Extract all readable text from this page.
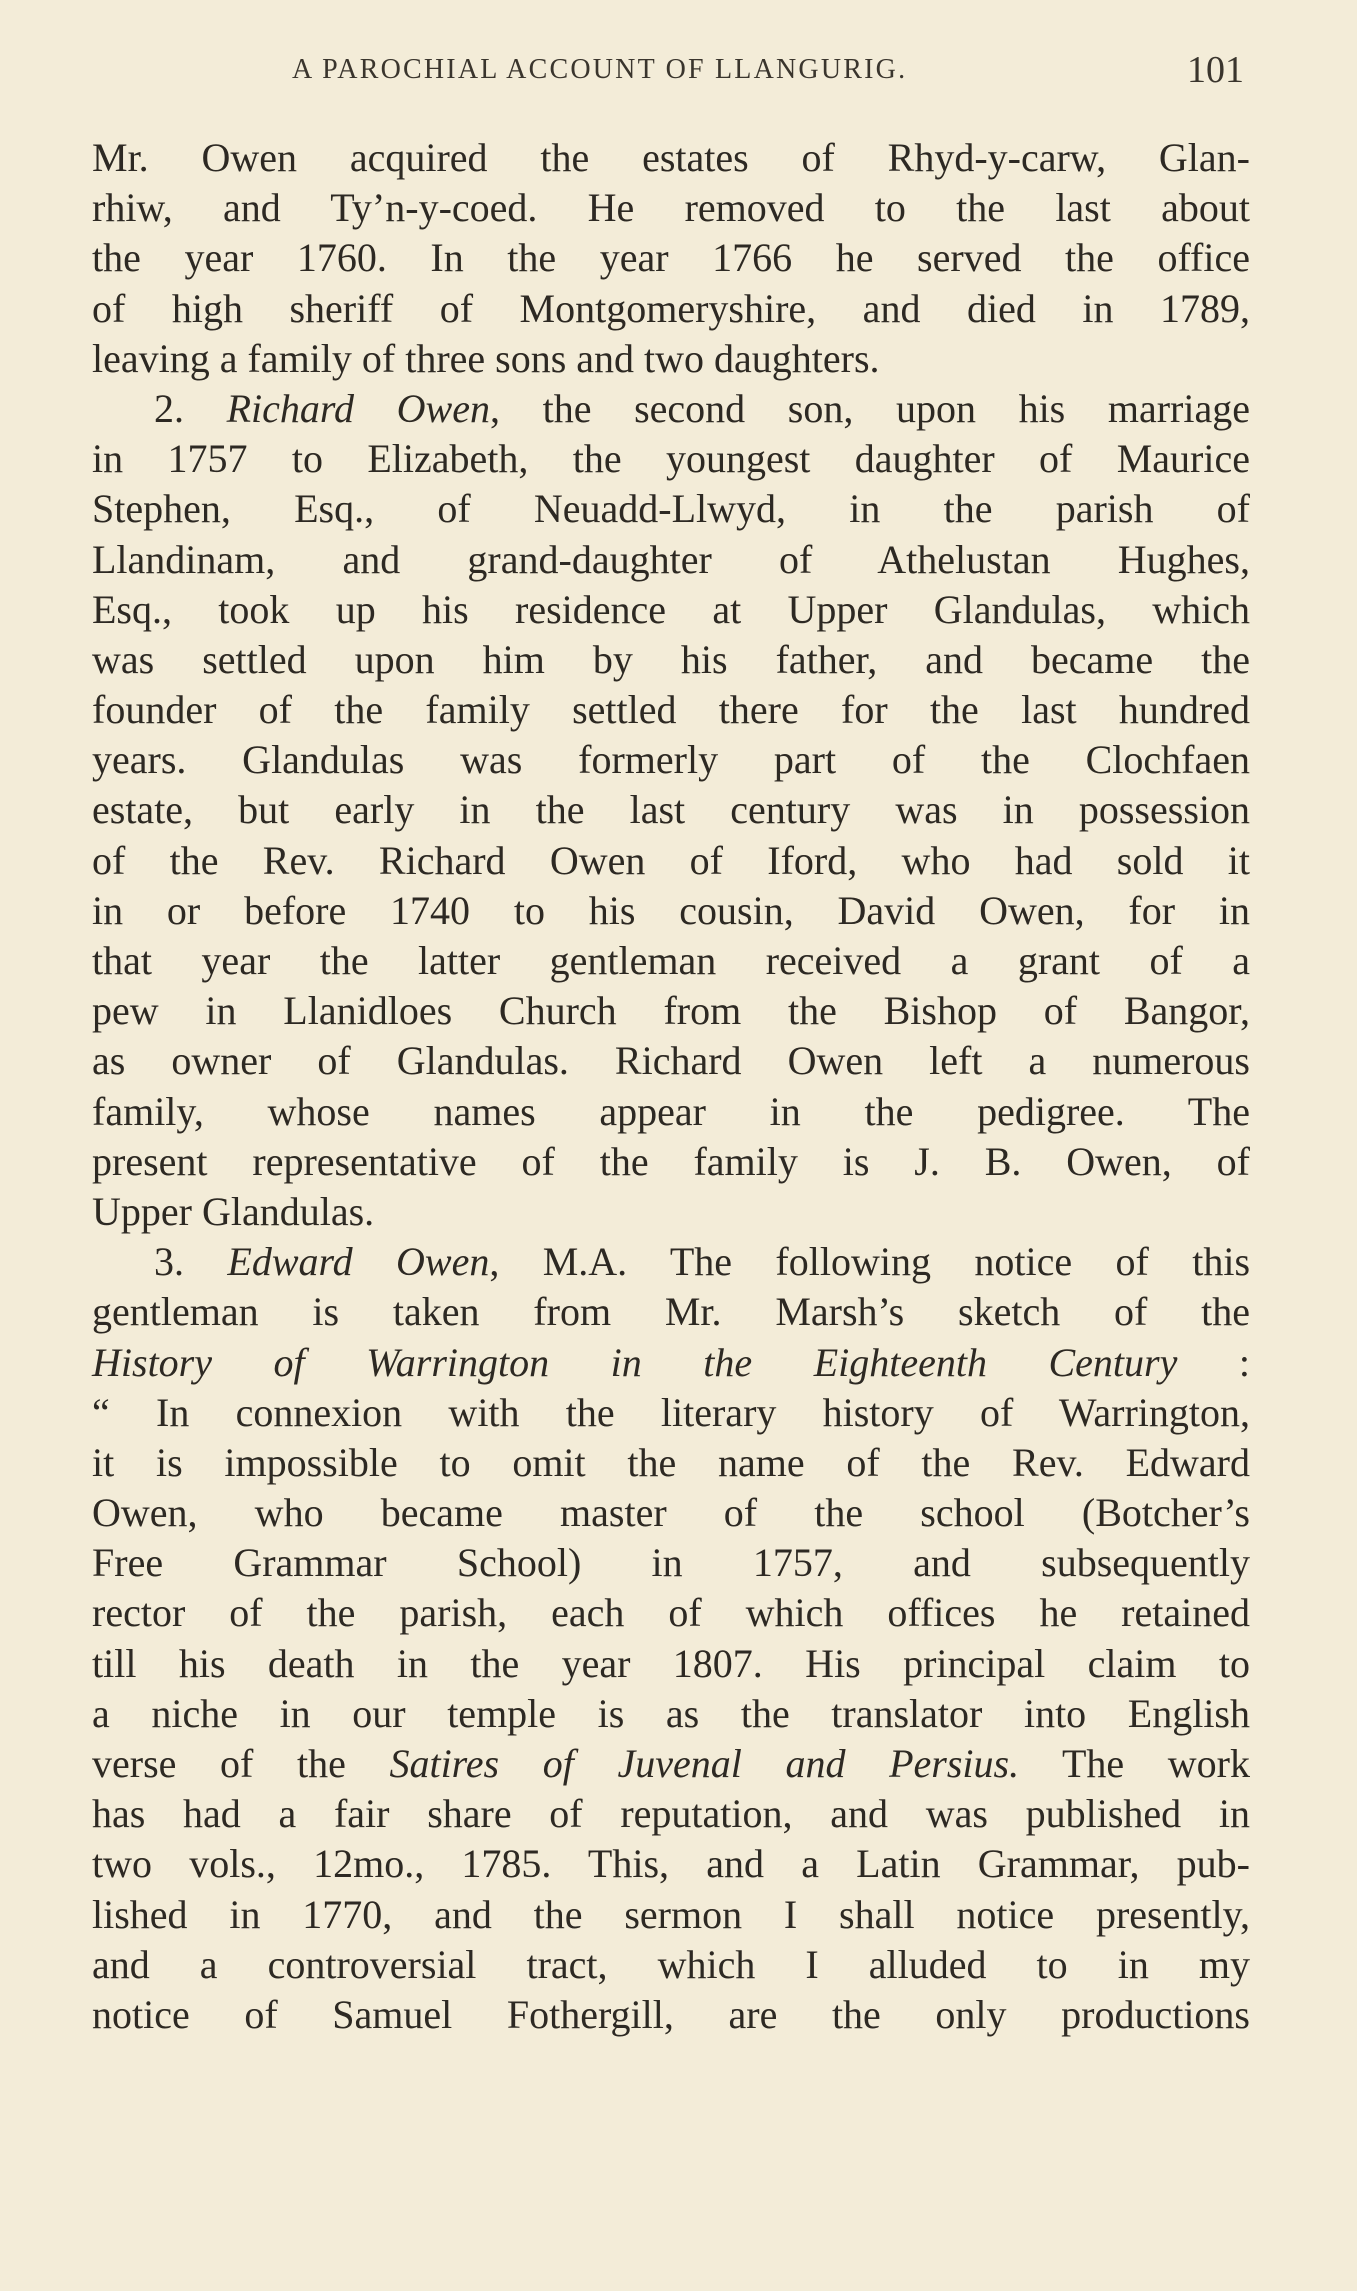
A PAROCHIAL ACCOUNT OF LLANGURIG.	101
Mr. Owen acquired the estates of Rhyd-y-carw, Glan-
rhiw, and Ty’n-y-coed. He removed to the last about
the year 1760. In the year 1766 he served the office
of high sheriff of Montgomeryshire, and died in 1789,
leaving a family of three sons and two daughters.
2. Richard Owen, the second son, upon his marriage
in 1757 to Elizabeth, the youngest daughter of Maurice
Stephen, Esq., of Neuadd-Llwyd, in the parish of
Llandinam, and grand-daughter of Athelustan Hughes,
Esq., took up his residence at Upper Glandulas, which
was settled upon him by his father, and became the
founder of the family settled there for the last hundred
years. Glandulas was formerly part of the Clochfaen
estate, but early in the last century was in possession
of the Rev. Richard Owen of Iford, who had sold it
in or before 1740 to his cousin, David Owen, for in
that year the latter gentleman received a grant of a
pew in Llanidloes Church from the Bishop of Bangor,
as owner of Glandulas. Richard Owen left a numerous
family, whose names appear in the pedigree. The
present representative of the family is J. B. Owen, of
Upper Glandulas.
3. Edward Owen, M.A. The following notice of this
gentleman is taken from Mr. Marsh’s sketch of the
History of Warrington in the Eighteenth Century :
“ In connexion with the literary history of Warrington,
it is impossible to omit the name of the Rev. Edward
Owen, who became master of the school (Botcher’s
Free Grammar School) in 1757, and subsequently
rector of the parish, each of which offices he retained
till his death in the year 1807. His principal claim to
a niche in our temple is as the translator into English
verse of the Satires of Juvenal and Persius. The work
has had a fair share of reputation, and was published in
two vols., 12mo., 1785. This, and a Latin Grammar, pub-
lished in 1770, and the sermon I shall notice presently,
and a controversial tract, which I alluded to in my
notice of Samuel Fothergill, are the only productions
